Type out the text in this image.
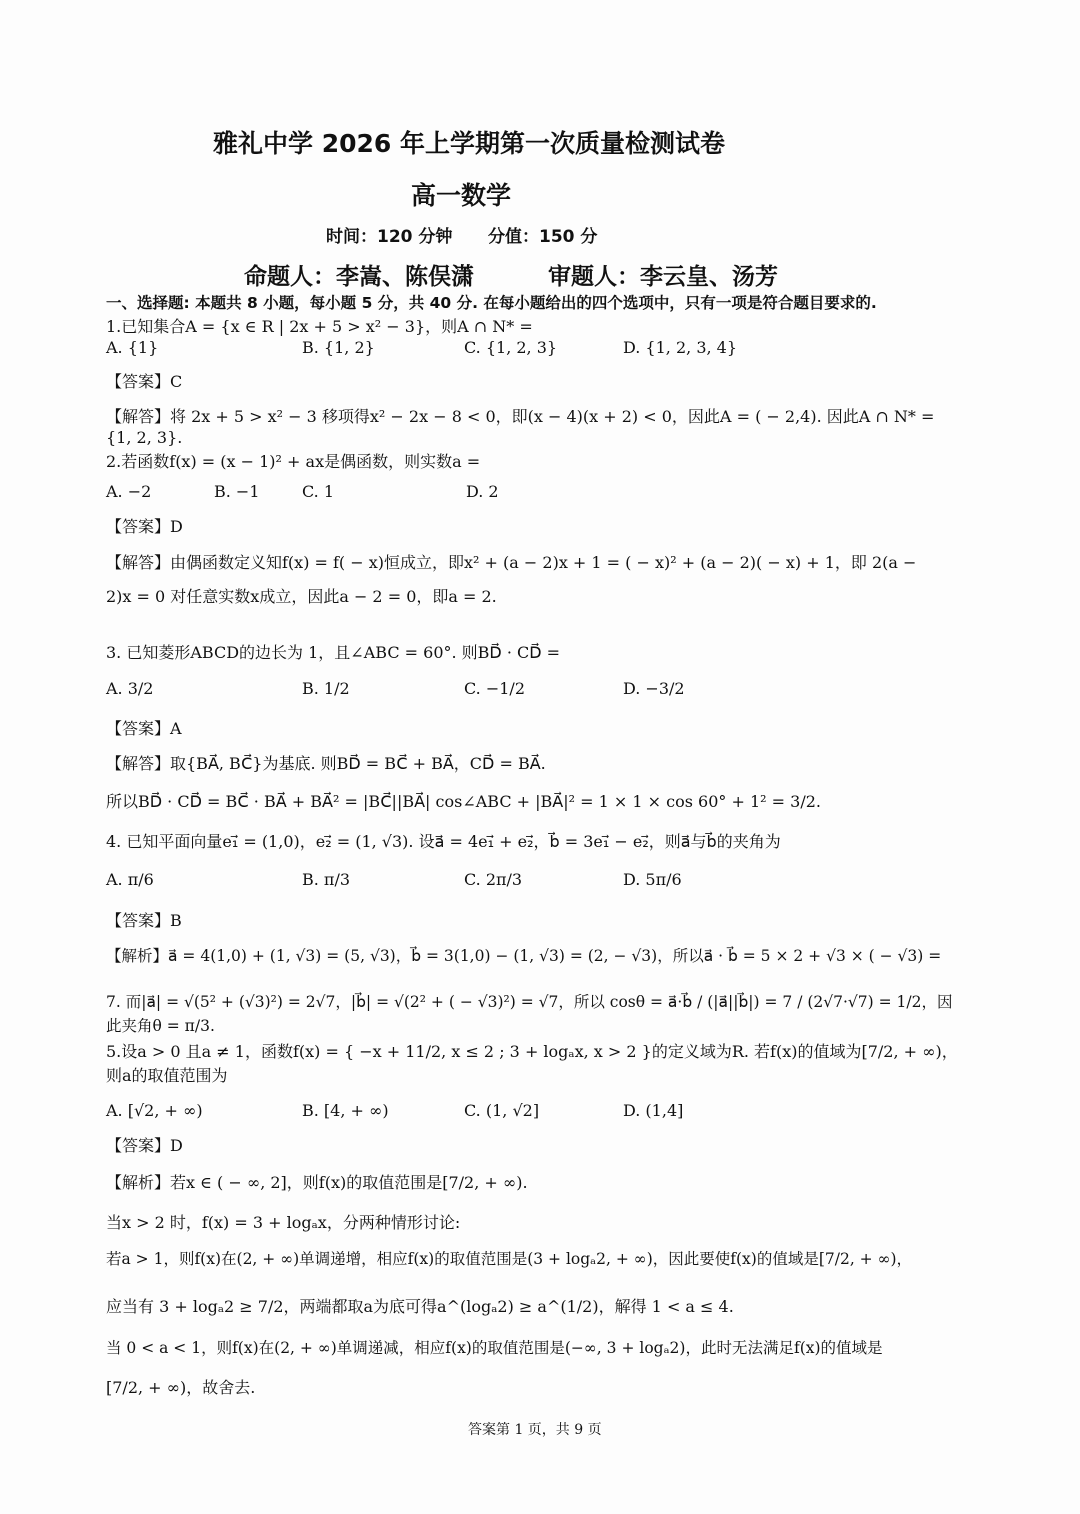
雅礼中学 2026 年上学期第一次质量检测试卷
高一数学
时间：120 分钟 分值：150 分
命题人：李嵩、陈俣潇	审题人：李云皇、汤芳
一、选择题: 本题共 8 小题，每小题 5 分，共 40 分. 在每小题给出的四个选项中，只有一项是符合题目要求的.
1.已知集合A = {x ∈ R | 2x + 5 > x² − 3}，则A ∩ N* =
A. {1}	B. {1, 2}	C. {1, 2, 3}	D. {1, 2, 3, 4}
【答案】C
【解答】将 2x + 5 > x² − 3 移项得x² − 2x − 8 < 0，即(x − 4)(x + 2) < 0，因此A = ( − 2,4). 因此A ∩ N* =
{1, 2, 3}.
2.若函数f(x) = (x − 1)² + ax是偶函数，则实数a =
A. −2	B. −1	C. 1	D. 2
【答案】D
【解答】由偶函数定义知f(x) = f( − x)恒成立，即x² + (a − 2)x + 1 = ( − x)² + (a − 2)( − x) + 1，即 2(a −
2)x = 0 对任意实数x成立，因此a − 2 = 0，即a = 2.
3. 已知菱形ABCD的边长为 1，且∠ABC = 60°. 则BD⃗ · CD⃗ =
A. 3/2	B. 1/2	C. −1/2	D. −3/2
【答案】A
【解答】取{BA⃗, BC⃗}为基底. 则BD⃗ = BC⃗ + BA⃗，CD⃗ = BA⃗.
所以BD⃗ · CD⃗ = BC⃗ · BA⃗ + BA⃗² = |BC⃗||BA⃗| cos∠ABC + |BA⃗|² = 1 × 1 × cos 60° + 1² = 3/2.
4. 已知平面向量e₁⃗ = (1,0)，e₂⃗ = (1, √3). 设a⃗ = 4e₁⃗ + e₂⃗，b⃗ = 3e₁⃗ − e₂⃗，则a⃗与b⃗的夹角为
A. π/6	B. π/3	C. 2π/3	D. 5π/6
【答案】B
【解析】a⃗ = 4(1,0) + (1, √3) = (5, √3)，b⃗ = 3(1,0) − (1, √3) = (2, − √3)，所以a⃗ · b⃗ = 5 × 2 + √3 × ( − √3) =
7. 而|a⃗| = √(5² + (√3)²) = 2√7，|b⃗| = √(2² + ( − √3)²) = √7，所以 cosθ = a⃗·b⃗ / (|a⃗||b⃗|) = 7 / (2√7·√7) = 1/2，因此夹角θ = π/3.
5.设a > 0 且a ≠ 1，函数f(x) = { −x + 11/2, x ≤ 2 ; 3 + logₐx, x > 2 }的定义域为R. 若f(x)的值域为[7/2, + ∞)，则a的取值范围为
A. [√2, + ∞)	B. [4, + ∞)	C. (1, √2]	D. (1,4]
【答案】D
【解析】若x ∈ ( − ∞, 2]，则f(x)的取值范围是[7/2, + ∞).
当x > 2 时，f(x) = 3 + logₐx，分两种情形讨论:
若a > 1，则f(x)在(2, + ∞)单调递增，相应f(x)的取值范围是(3 + logₐ2, + ∞)，因此要使f(x)的值域是[7/2, + ∞)，
应当有 3 + logₐ2 ≥ 7/2，两端都取a为底可得a^(logₐ2) ≥ a^(1/2)，解得 1 < a ≤ 4.
当 0 < a < 1，则f(x)在(2, + ∞)单调递减，相应f(x)的取值范围是(−∞, 3 + logₐ2)，此时无法满足f(x)的值域是
[7/2, + ∞)，故舍去.
答案第 1 页，共 9 页
